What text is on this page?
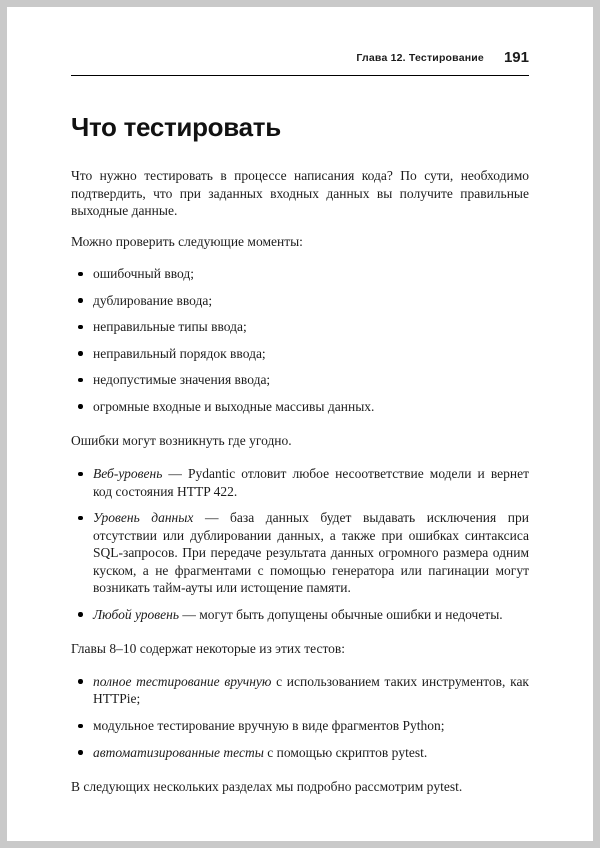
Глава 12. Тестирование 191
Что тестировать

Что нужно тестировать в процессе написания кода? По сути, необходимо подтвердить, что при заданных входных данных вы получите правильные выходные данные.

Можно проверить следующие моменты:

ошибочный ввод;
дублирование ввода;
неправильные типы ввода;
неправильный порядок ввода;
недопустимые значения ввода;
огромные входные и выходные массивы данных.

Ошибки могут возникнуть где угодно.

Веб-уровень — Pydantic отловит любое несоответствие модели и вернет код состояния HTTP 422.
Уровень данных — база данных будет выдавать исключения при отсутствии или дублировании данных, а также при ошибках синтаксиса SQL-запросов. При передаче результата данных огромного размера одним куском, а не фрагментами с помощью генератора или пагинации могут возникать тайм-ауты или истощение памяти.
Любой уровень — могут быть допущены обычные ошибки и недочеты.

Главы 8–10 содержат некоторые из этих тестов:

полное тестирование вручную с использованием таких инструментов, как HTTPie;
модульное тестирование вручную в виде фрагментов Python;
автоматизированные тесты с помощью скриптов pytest.

В следующих нескольких разделах мы подробно рассмотрим pytest.
